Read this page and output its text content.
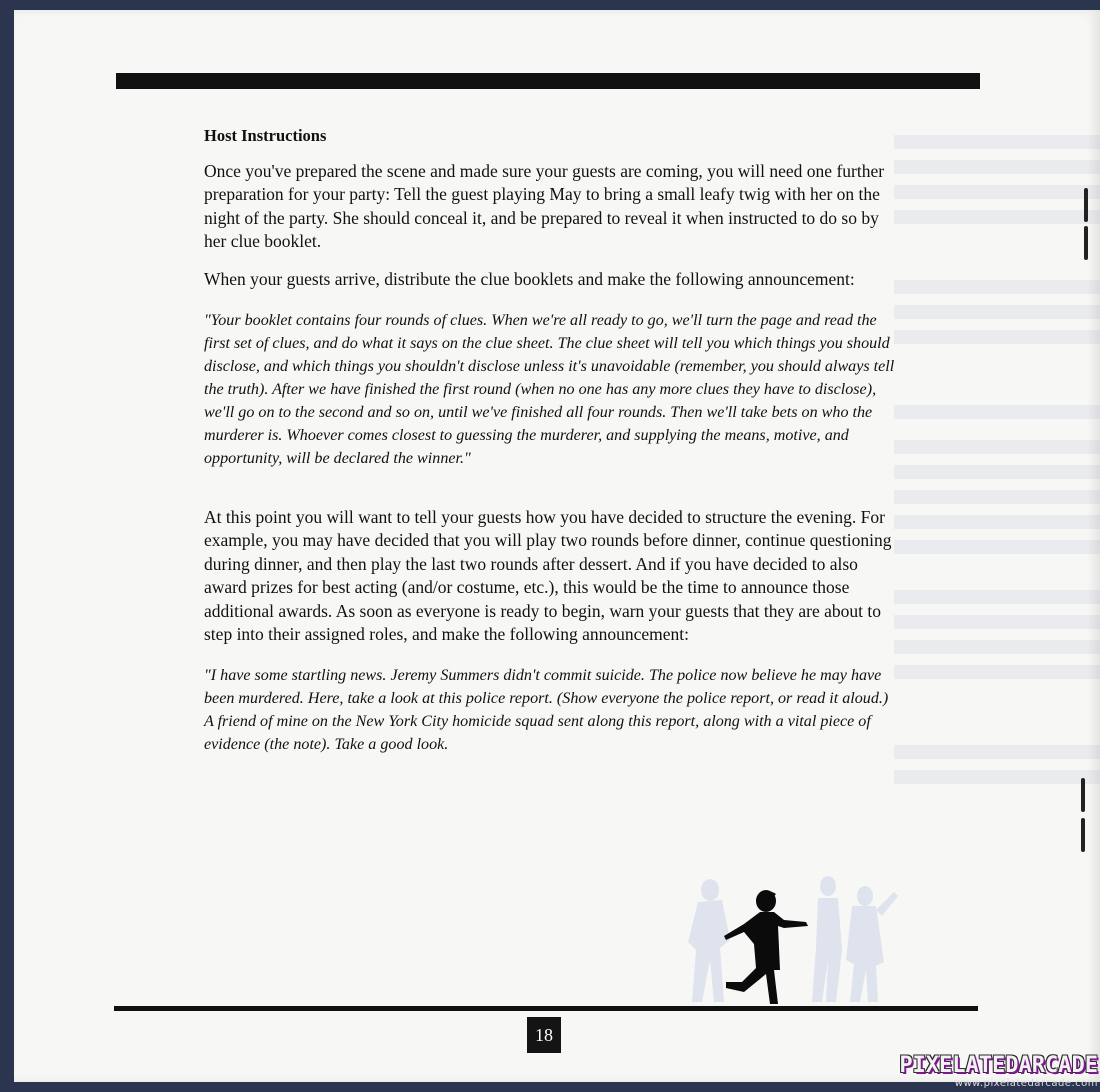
Host Instructions

Once you've prepared the scene and made sure your guests are coming, you will need one further preparation for your party: Tell the guest playing May to bring a small leafy twig with her on the night of the party. She should conceal it, and be prepared to reveal it when instructed to do so by her clue booklet.

When your guests arrive, distribute the clue booklets and make the following announcement:

"Your booklet contains four rounds of clues. When we're all ready to go, we'll turn the page and read the first set of clues, and do what it says on the clue sheet. The clue sheet will tell you which things you should disclose, and which things you shouldn't disclose unless it's unavoidable (remember, you should always tell the truth). After we have finished the first round (when no one has any more clues they have to disclose), we'll go on to the second and so on, until we've finished all four rounds. Then we'll take bets on who the murderer is. Whoever comes closest to guessing the murderer, and supplying the means, motive, and opportunity, will be declared the winner."

At this point you will want to tell your guests how you have decided to structure the evening. For example, you may have decided that you will play two rounds before dinner, continue questioning during dinner, and then play the last two rounds after dessert. And if you have decided to also award prizes for best acting (and/or costume, etc.), this would be the time to announce those additional awards. As soon as everyone is ready to begin, warn your guests that they are about to step into their assigned roles, and make the following announcement:

"I have some startling news. Jeremy Summers didn't commit suicide. The police now believe he may have been murdered. Here, take a look at this police report. (Show everyone the police report, or read it aloud.) A friend of mine on the New York City homicide squad sent along this report, along with a vital piece of evidence (the note). Take a good look.

18
PIXELATEDARCADE
www.pixelatedarcade.com
